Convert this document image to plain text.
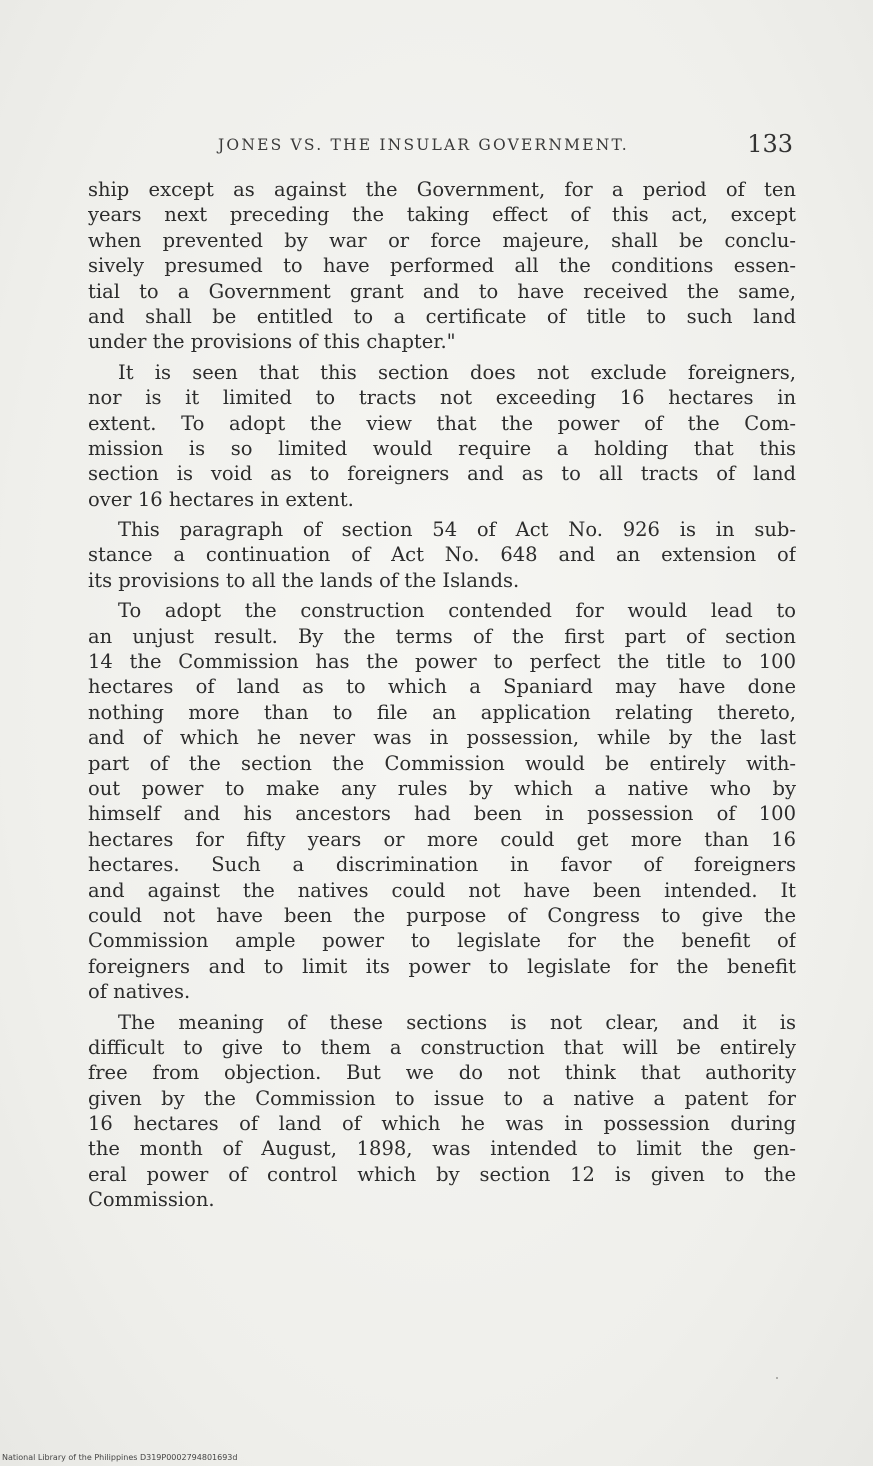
JONES VS. THE INSULAR GOVERNMENT.	133
ship except as against the Government, for a period of ten
years next preceding the taking effect of this act, except
when prevented by war or force majeure, shall be conclu-
sively presumed to have performed all the conditions essen-
tial to a Government grant and to have received the same,
and shall be entitled to a certificate of title to such land
under the provisions of this chapter."
It is seen that this section does not exclude foreigners,
nor is it limited to tracts not exceeding 16 hectares in
extent. To adopt the view that the power of the Com-
mission is so limited would require a holding that this
section is void as to foreigners and as to all tracts of land
over 16 hectares in extent.
This paragraph of section 54 of Act No. 926 is in sub-
stance a continuation of Act No. 648 and an extension of
its provisions to all the lands of the Islands.
To adopt the construction contended for would lead to
an unjust result. By the terms of the first part of section
14 the Commission has the power to perfect the title to 100
hectares of land as to which a Spaniard may have done
nothing more than to file an application relating thereto,
and of which he never was in possession, while by the last
part of the section the Commission would be entirely with-
out power to make any rules by which a native who by
himself and his ancestors had been in possession of 100
hectares for fifty years or more could get more than 16
hectares. Such a discrimination in favor of foreigners
and against the natives could not have been intended. It
could not have been the purpose of Congress to give the
Commission ample power to legislate for the benefit of
foreigners and to limit its power to legislate for the benefit
of natives.
The meaning of these sections is not clear, and it is
difficult to give to them a construction that will be entirely
free from objection. But we do not think that authority
given by the Commission to issue to a native a patent for
16 hectares of land of which he was in possession during
the month of August, 1898, was intended to limit the gen-
eral power of control which by section 12 is given to the
Commission.
National Library of the Philippines D319P0002794801693d
